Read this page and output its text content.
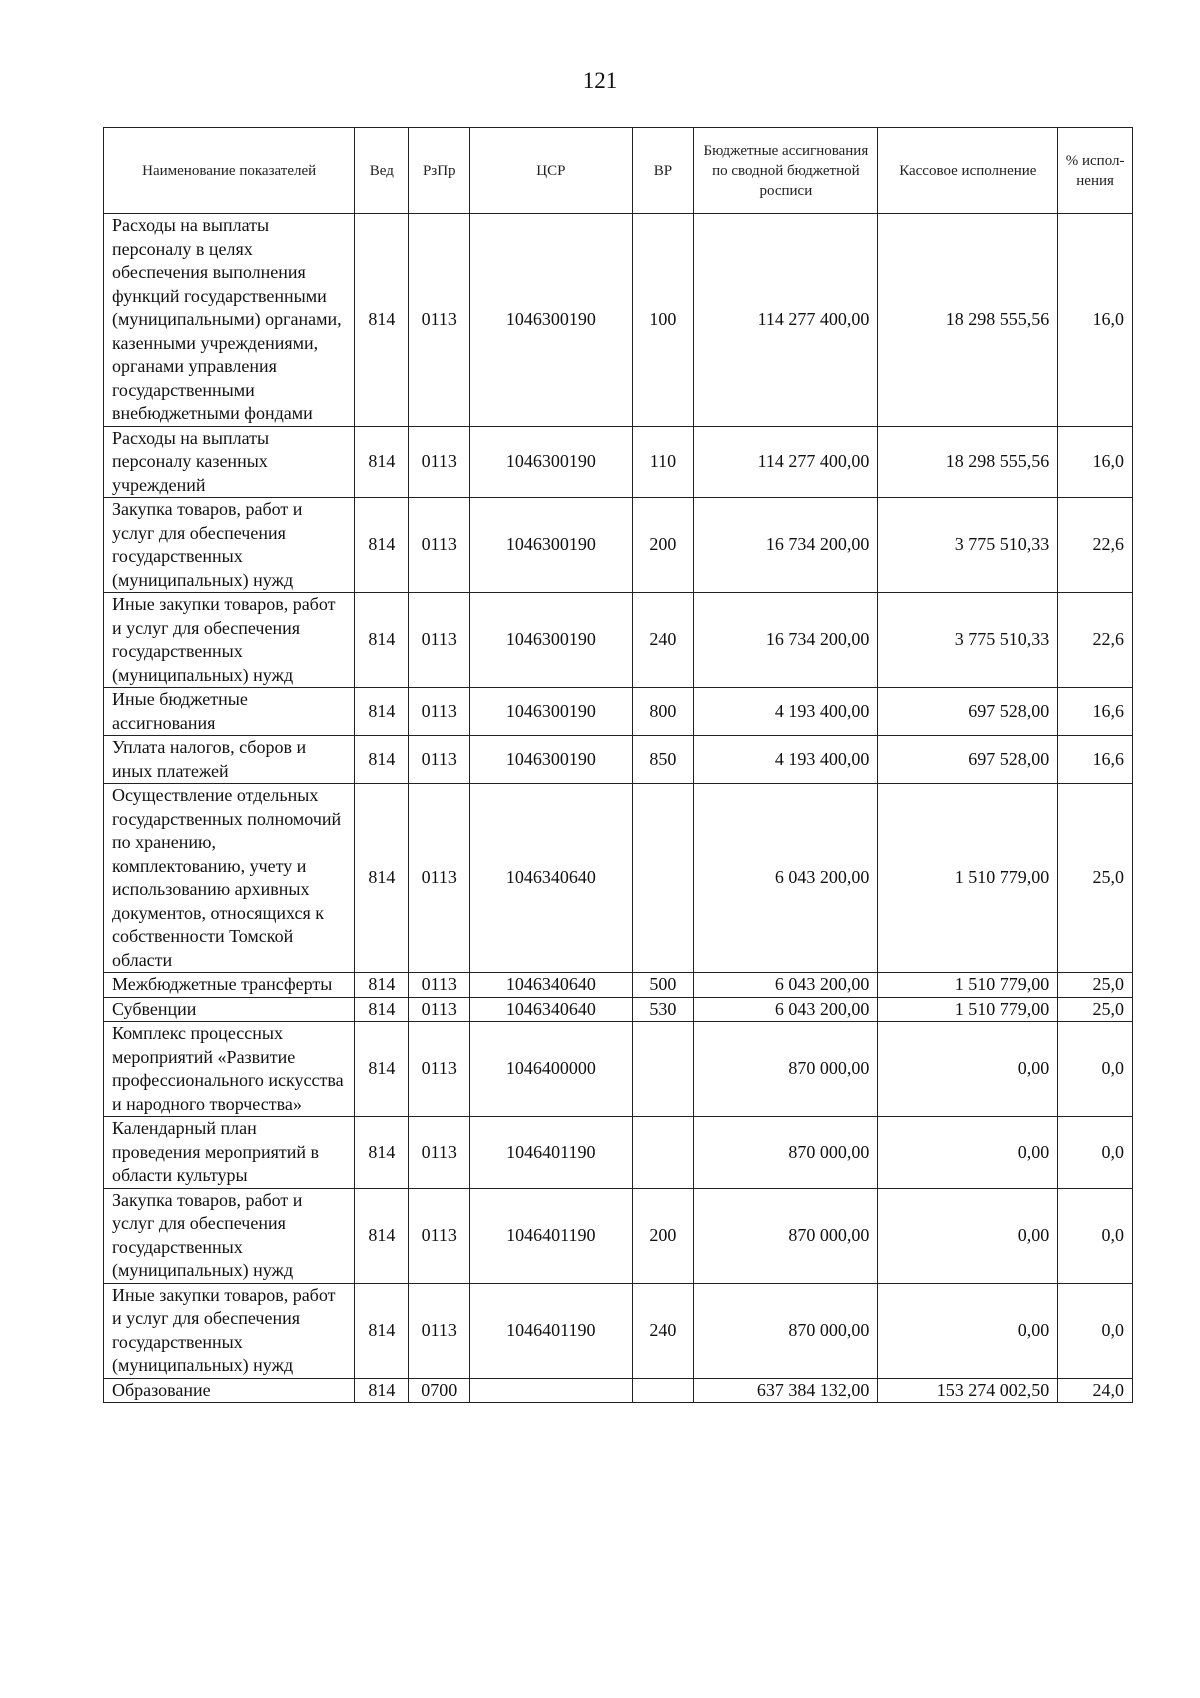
121
Наименование показателей	Вед	РзПр	ЦСР	ВР	Бюджетные ассигнования по сводной бюджетной росписи	Кассовое исполнение	% испол-нения
Расходы на выплаты персоналу в целях обеспечения выполнения функций государственными (муниципальными) органами, казенными учреждениями, органами управления государственными внебюджетными фондами	814	0113	1046300190	100	114 277 400,00	18 298 555,56	16,0
Расходы на выплаты персоналу казенных учреждений	814	0113	1046300190	110	114 277 400,00	18 298 555,56	16,0
Закупка товаров, работ и услуг для обеспечения государственных (муниципальных) нужд	814	0113	1046300190	200	16 734 200,00	3 775 510,33	22,6
Иные закупки товаров, работ и услуг для обеспечения государственных (муниципальных) нужд	814	0113	1046300190	240	16 734 200,00	3 775 510,33	22,6
Иные бюджетные ассигнования	814	0113	1046300190	800	4 193 400,00	697 528,00	16,6
Уплата налогов, сборов и иных платежей	814	0113	1046300190	850	4 193 400,00	697 528,00	16,6
Осуществление отдельных государственных полномочий по хранению, комплектованию, учету и использованию архивных документов, относящихся к собственности Томской области	814	0113	1046340640		6 043 200,00	1 510 779,00	25,0
Межбюджетные трансферты	814	0113	1046340640	500	6 043 200,00	1 510 779,00	25,0
Субвенции	814	0113	1046340640	530	6 043 200,00	1 510 779,00	25,0
Комплекс процессных мероприятий «Развитие профессионального искусства и народного творчества»	814	0113	1046400000		870 000,00	0,00	0,0
Календарный план проведения мероприятий в области культуры	814	0113	1046401190		870 000,00	0,00	0,0
Закупка товаров, работ и услуг для обеспечения государственных (муниципальных) нужд	814	0113	1046401190	200	870 000,00	0,00	0,0
Иные закупки товаров, работ и услуг для обеспечения государственных (муниципальных) нужд	814	0113	1046401190	240	870 000,00	0,00	0,0
Образование	814	0700			637 384 132,00	153 274 002,50	24,0
